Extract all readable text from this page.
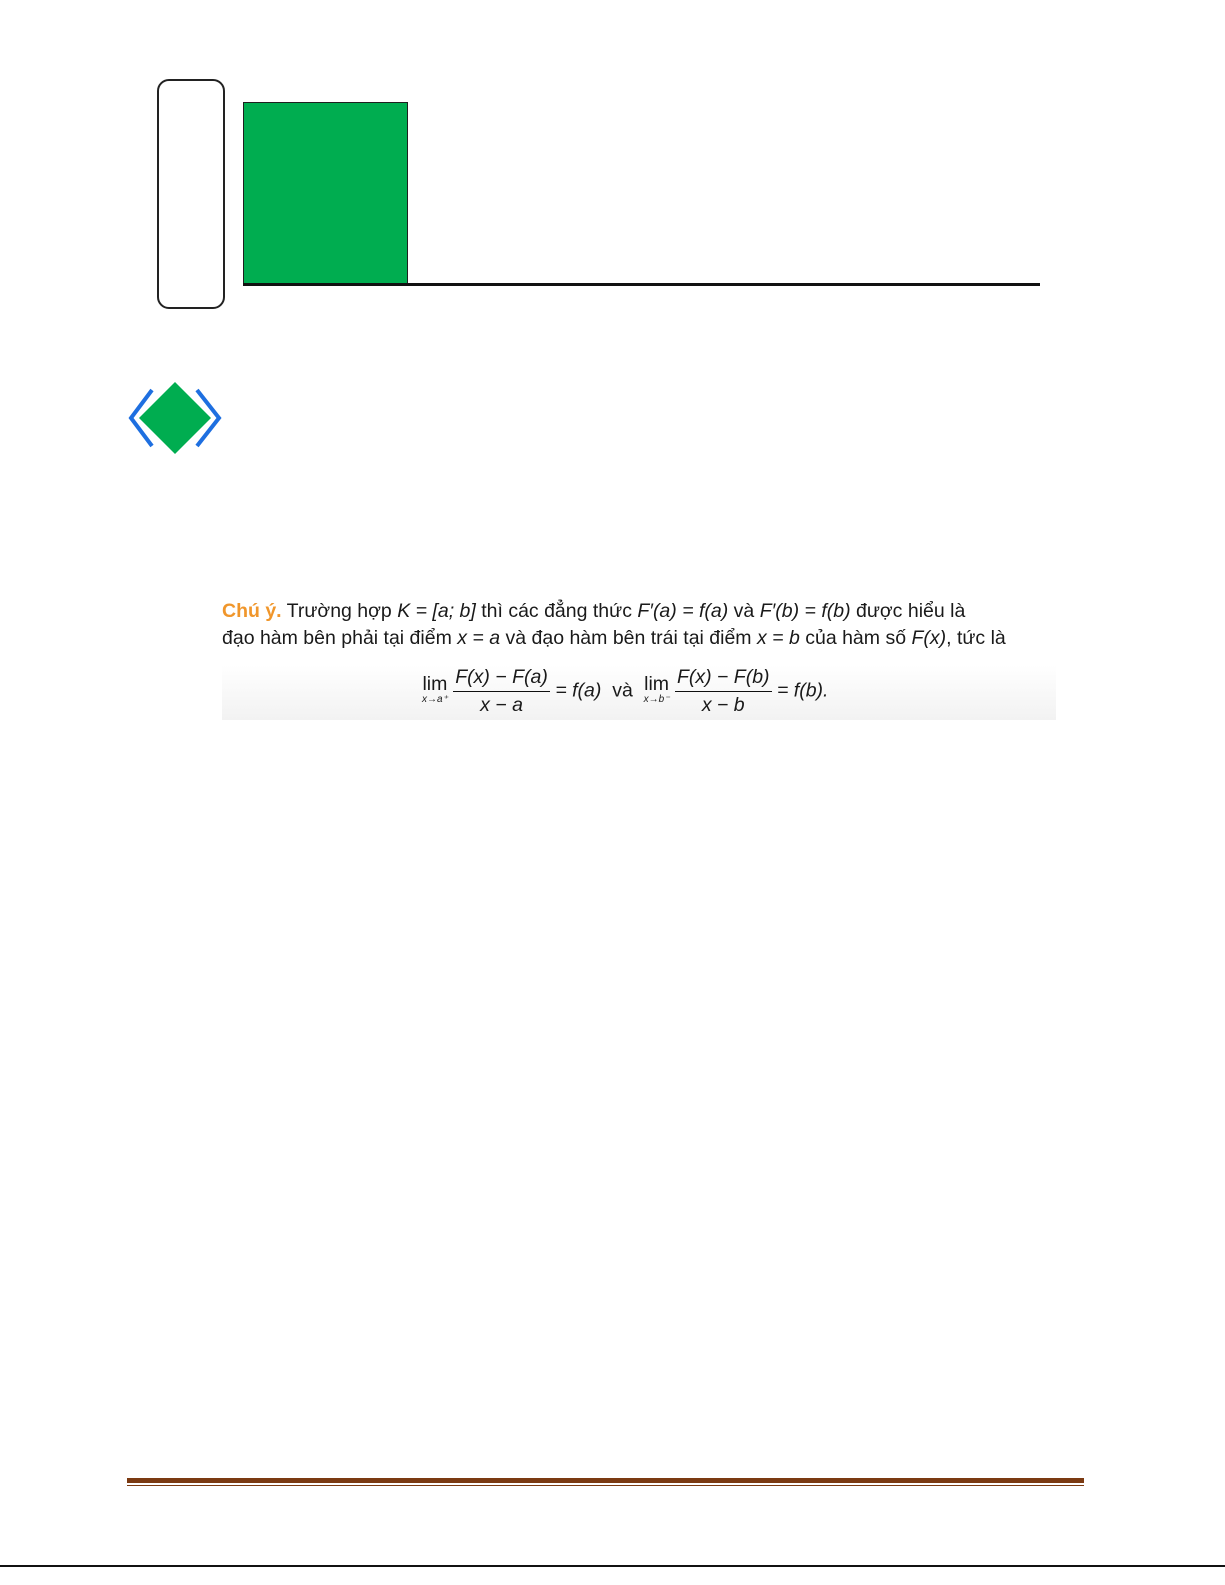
Chú ý. Trường hợp K = [a; b] thì các đẳng thức F′(a) = f(a) và F′(b) = f(b) được hiểu là
đạo hàm bên phải tại điểm x = a và đạo hàm bên trái tại điểm x = b của hàm số F(x), tức là
lim
x→a⁺
$\frac{F(x) - F(a)}{x - a} = f(a)$ và lim
x→b⁻
$\frac{F(x) - F(b)}{x - b} = f(b)$.
